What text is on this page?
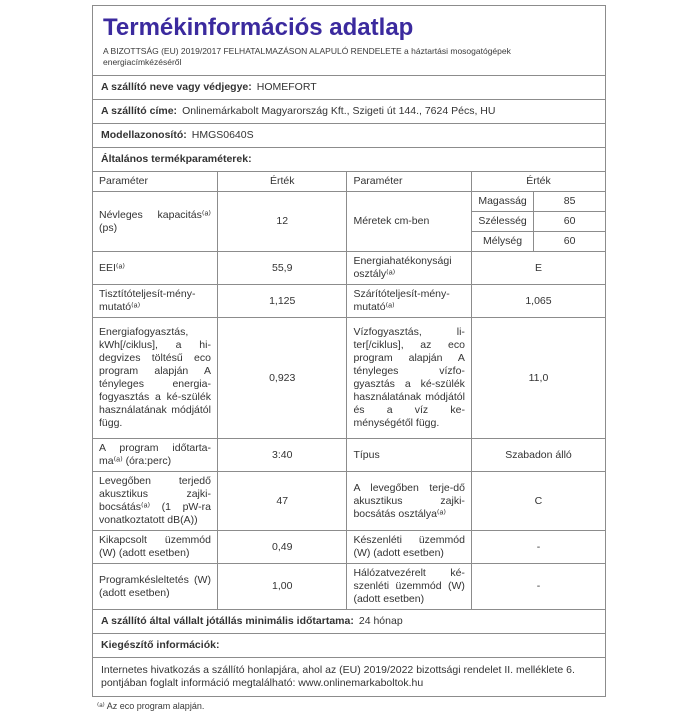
Termékinformációs adatlap
A BIZOTTSÁG (EU) 2019/2017 FELHATALMAZÁSON ALAPULÓ RENDELETE a háztartási mosogatógépek energiacímkézéséről
A szállító neve vagy védjegye: HOMEFORT
A szállító címe: Onlinemárkabolt Magyarország Kft., Szigeti út 144., 7624 Pécs, HU
Modellazonosító: HMGS0640S
Általános termékparaméterek:
Paraméter	Érték	Paraméter	Érték	
Névleges kapacitás⁽ᵃ⁾ (ps)	12	Méretek cm-ben	Magasság	85
			Szélesség	60
			Mélység	60
EEI⁽ᵃ⁾	55,9	Energiahatékonysági osztály⁽ᵃ⁾	E	
Tisztítóteljesít-mény-mutató⁽ᵃ⁾	1,125	Szárítóteljesít-mény-mutató⁽ᵃ⁾	1,065	
Energiafogyasztás, kWh[/ciklus], a hi-degvizes töltésű eco program alapján A tényleges energia-fogyasztás a ké-szülék használatának módjától függ.	0,923	Vízfogyasztás, li-ter[/ciklus], az eco program alapján A tényleges vízfo-gyasztás a ké-szülék használatának módjától és a víz ke-ménységétől függ.	11,0	
A program időtarta-ma⁽ᵃ⁾ (óra:perc)	3:40	Típus	Szabadon álló	
Levegőben terjedő akusztikus zajki-bocsátás⁽ᵃ⁾ (1 pW-ra vonatkoztatott dB(A))	47	A levegőben terje-dő akusztikus zajki-bocsátás osztálya⁽ᵃ⁾	C	
Kikapcsolt üzemmód (W) (adott esetben)	0,49	Készenléti üzemmód (W) (adott esetben)	-	
Programkésleltetés (W) (adott esetben)	1,00	Hálózatvezérelt ké-szenléti üzemmód (W) (adott esetben)	-	
A szállító által vállalt jótállás minimális időtartama: 24 hónap
Kiegészítő információk:
Internetes hivatkozás a szállító honlapjára, ahol az (EU) 2019/2022 bizottsági rendelet II. melléklete 6. pontjában foglalt információ megtalálható: www.onlinemarkaboltok.hu
⁽ᵃ⁾ Az eco program alapján.
